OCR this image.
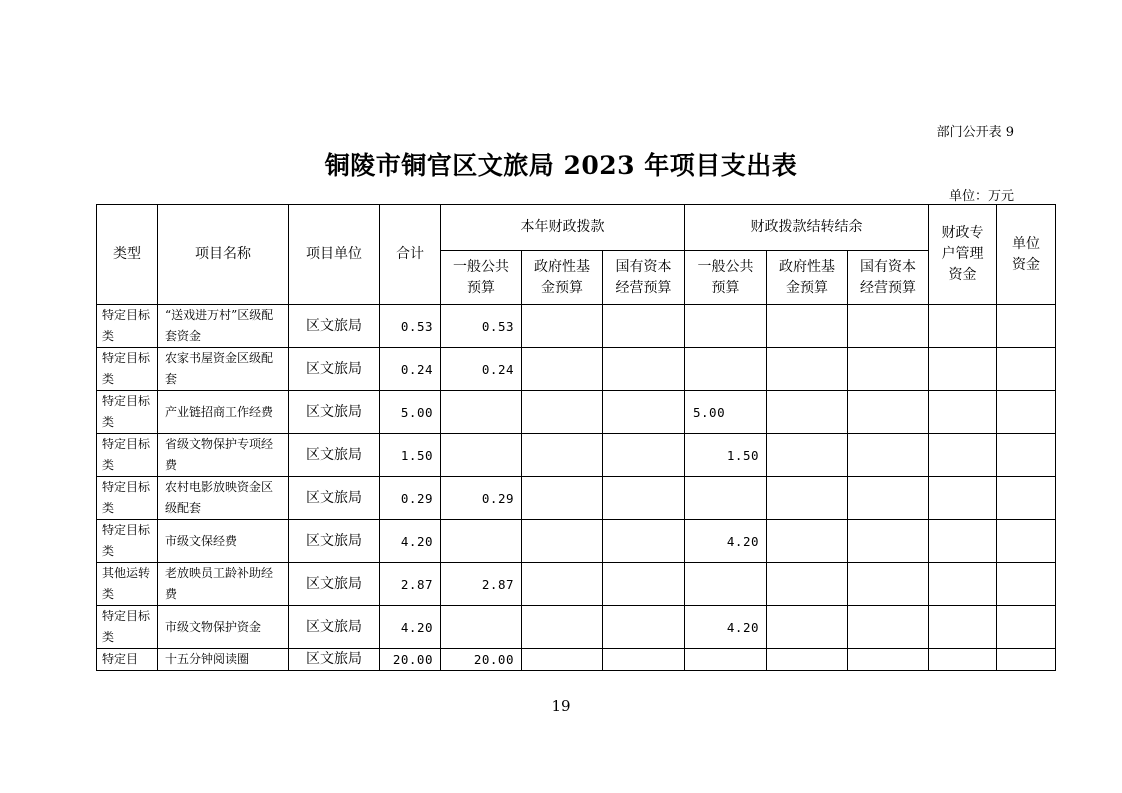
部门公开表 9
铜陵市铜官区文旅局 2023 年项目支出表
单位：万元
类型	项目名称	项目单位	合计	本年财政拨款			财政拨款结转结余			财政专户管理资金	单位资金
				一般公共预算	政府性基金预算	国有资本经营预算	一般公共预算	政府性基金预算	国有资本经营预算		
特定目标类	“送戏进万村”区级配套资金	区文旅局	0.53	0.53							
特定目标类	农家书屋资金区级配套	区文旅局	0.24	0.24							
特定目标类	产业链招商工作经费	区文旅局	5.00				5.00				
特定目标类	省级文物保护专项经费	区文旅局	1.50				1.50				
特定目标类	农村电影放映资金区级配套	区文旅局	0.29	0.29							
特定目标类	市级文保经费	区文旅局	4.20				4.20				
其他运转类	老放映员工龄补助经费	区文旅局	2.87	2.87							
特定目标类	市级文物保护资金	区文旅局	4.20				4.20				
特定目	十五分钟阅读圈	区文旅局	20.00	20.00							
19
